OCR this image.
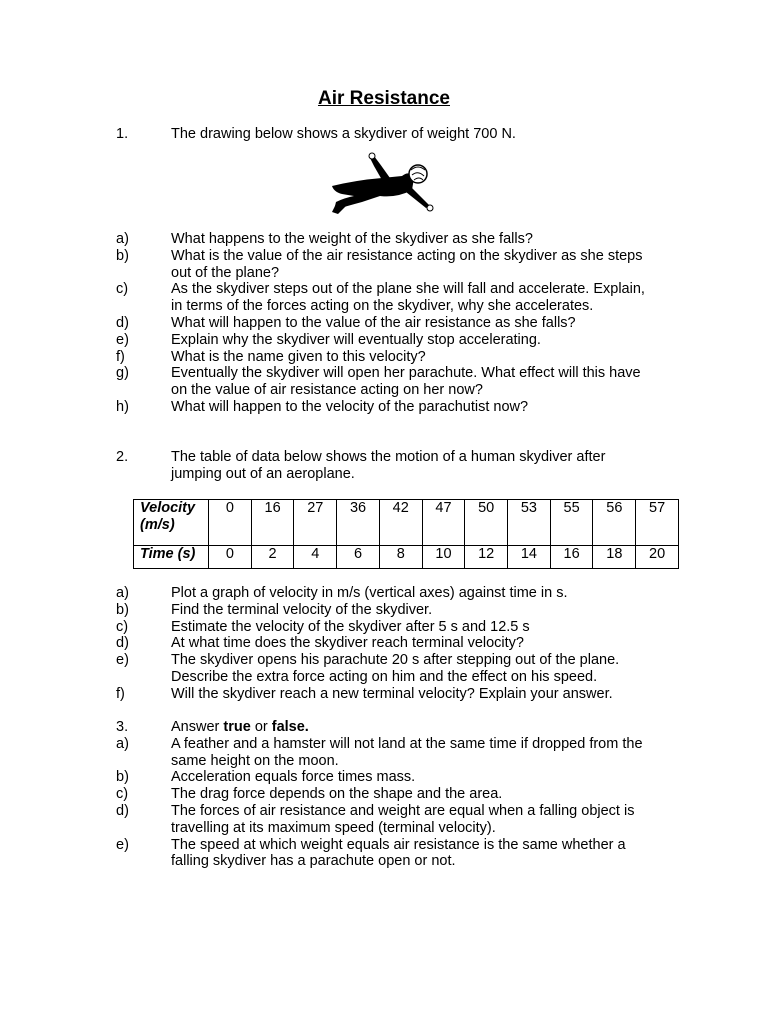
Air Resistance
1.	The drawing below shows a skydiver of weight 700 N.
a)	What happens to the weight of the skydiver as she falls?
b)	What is the value of the air resistance acting on the skydiver as she steps out of the plane?
c)	As the skydiver steps out of the plane she will fall and accelerate. Explain, in terms of the forces acting on the skydiver, why she accelerates.
d)	What will happen to the value of the air resistance as she falls?
e)	Explain why the skydiver will eventually stop accelerating.
f)	What is the name given to this velocity?
g)	Eventually the skydiver will open her parachute. What effect will this have on the value of air resistance acting on her now?
h)	What will happen to the velocity of the parachutist now?
2.	The table of data below shows the motion of a human skydiver after jumping out of an aeroplane.
Velocity (m/s)	0	16	27	36	42	47	50	53	55	56	57
Time (s)	0	2	4	6	8	10	12	14	16	18	20
a)	Plot a graph of velocity in m/s (vertical axes) against time in s.
b)	Find the terminal velocity of the skydiver.
c)	Estimate the velocity of the skydiver after 5 s and 12.5 s
d)	At what time does the skydiver reach terminal velocity?
e)	The skydiver opens his parachute 20 s after stepping out of the plane. Describe the extra force acting on him and the effect on his speed.
f)	Will the skydiver reach a new terminal velocity? Explain your answer.
3.	Answer true or false.
a)	A feather and a hamster will not land at the same time if dropped from the same height on the moon.
b)	Acceleration equals force times mass.
c)	The drag force depends on the shape and the area.
d)	The forces of air resistance and weight are equal when a falling object is travelling at its maximum speed (terminal velocity).
e)	The speed at which weight equals air resistance is the same whether a falling skydiver has a parachute open or not.
